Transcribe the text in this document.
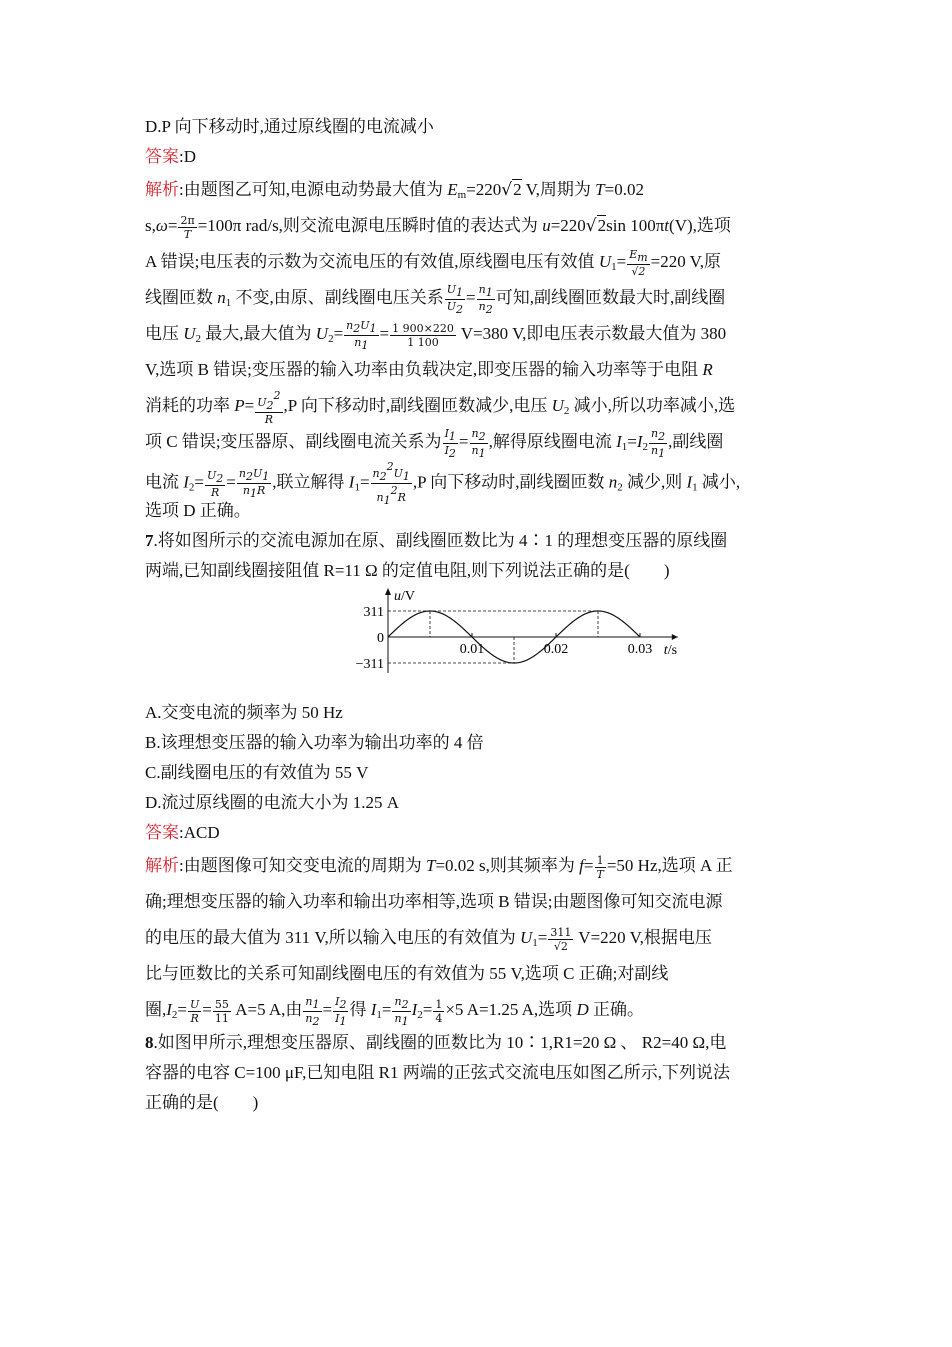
D.P 向下移动时,通过原线圈的电流减小
答案:D
解析:由题图乙可知,电源电动势最大值为 $E_m=220√2$ V,周期为 T=0.02
$s,\omega= \frac{2\pi}{T} =100\pi$ rad/s,则交流电源电压瞬时值的表达式为 u=220√2sin 100πt(V),选项
A 错误;电压表的示数为交流电压的有效值,原线圈电压有效值 $U_1= \frac{E_m}{√2} =220$ V,原
线圈匝数 $n_1$ 不变,由原、副线圈电压关系 $\frac{U_1}{U_2} = \frac{n_1}{n_2}$ 可知,副线圈匝数最大时,副线圈
电压 $U_2$ 最大,最大值为 $U_2= \frac{n_2U_1}{n_1} = \frac{1 900\times 220}{1 100} V=380$ V,即电压表示数最大值为 380
V,选项 B 错误;变压器的输入功率由负载决定,即变压器的输入功率等于电阻 R
消耗的功率 $P= \frac{U_2^2}{R} ,P$ 向下移动时,副线圈匝数减少,电压 $U_2$ 减小,所以功率减小,选
项 C 错误;变压器原、副线圈电流关系为 $\frac{I_1}{I_2} = \frac{n_2}{n_1}$ ,解得原线圈电流 $I_1=I_2 \frac{n_2}{n_1}$ ,副线圈
电流 $I_2= \frac{U_2}{R} = \frac{n_2U_1}{n_1R}$ ,联立解得 $I_1= \frac{n_2^2U_1}{n_1^2R} ,P$ 向下移动时,副线圈匝数 $n_2$ 减少,则 $I_1$ 减小,
选项 D 正确。
7.将如图所示的交流电源加在原、副线圈匝数比为 4∶1 的理想变压器的原线圈
两端,已知副线圈接阻值 R=11 Ω 的定值电阻,则下列说法正确的是(　　)
311
0
−311
u/V
0.01	0.02	0.03 t/s
A.交变电流的频率为 50 Hz
B.该理想变压器的输入功率为输出功率的 4 倍
C.副线圈电压的有效值为 55 V
D.流过原线圈的电流大小为 1.25 A
答案:ACD
解析:由题图像可知交变电流的周期为 T=0.02 s,则其频率为 $f= \frac{1}{T} =50$ Hz,选项 A 正
确;理想变压器的输入功率和输出功率相等,选项 B 错误;由题图像可知交流电源
的电压的最大值为 311 V,所以输入电压的有效值为 $U_1= \frac{311}{√2} V=220$ V,根据电压
比与匝数比的关系可知副线圈电压的有效值为 55 V,选项 C 正确;对副线
圈$,I_2= \frac{U}{R} = \frac{55}{11} A=5$ A,由 $\frac{n_1}{n_2} = \frac{I_2}{I_1}$ 得 $I_1= \frac{n_2}{n_1} I_2= \frac{1}{4} \times 5$ A=1.25 A,选项 D 正确。
8.如图甲所示,理想变压器原、副线圈的匝数比为 10∶1,R1=20 Ω 、 R2=40 Ω,电
容器的电容 C=100 μF,已知电阻 R1 两端的正弦式交流电压如图乙所示,下列说法
正确的是(　　)
